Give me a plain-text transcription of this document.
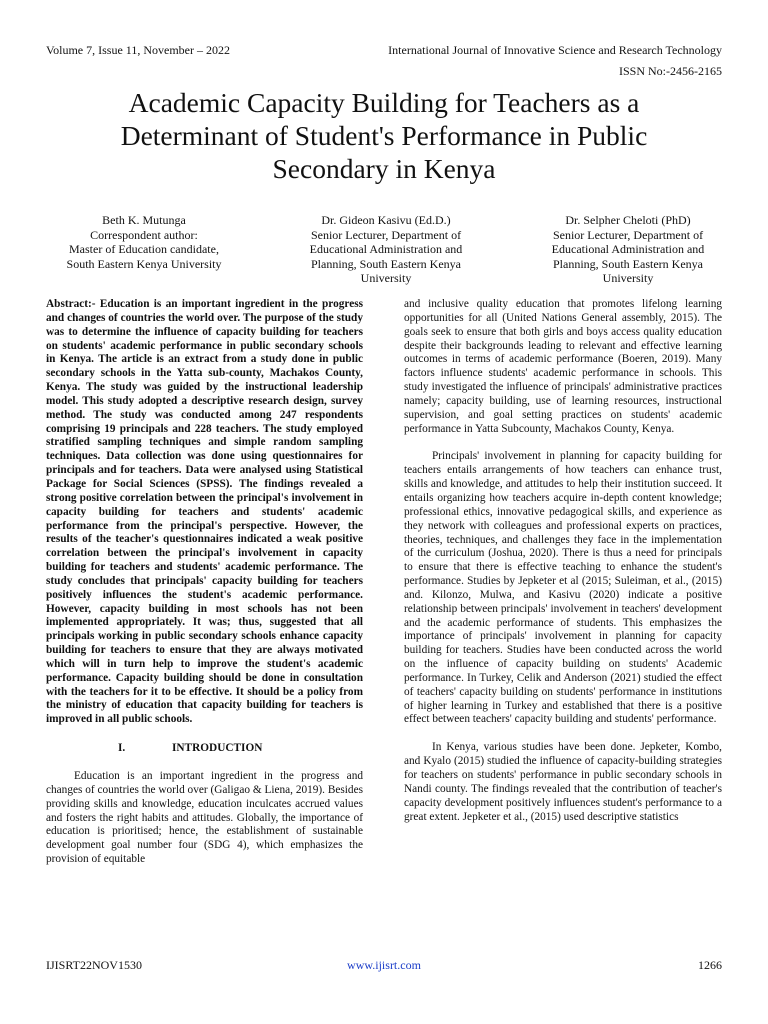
Volume 7, Issue 11, November – 2022	International Journal of Innovative Science and Research Technology
ISSN No:-2456-2165
Academic Capacity Building for Teachers as a Determinant of Student's Performance in Public Secondary in Kenya
Beth K. Mutunga
Correspondent author:
Master of Education candidate,
South Eastern Kenya University
Dr. Gideon Kasivu (Ed.D.)
Senior Lecturer, Department of
Educational Administration and
Planning, South Eastern Kenya
University
Dr. Selpher Cheloti (PhD)
Senior Lecturer, Department of
Educational Administration and
Planning, South Eastern Kenya
University

Abstract:- Education is an important ingredient in the progress and changes of countries the world over. The purpose of the study was to determine the influence of capacity building for teachers on students' academic performance in public secondary schools in Kenya. The article is an extract from a study done in public secondary schools in the Yatta sub-county, Machakos County, Kenya. The study was guided by the instructional leadership model. This study adopted a descriptive research design, survey method. The study was conducted among 247 respondents comprising 19 principals and 228 teachers. The study employed stratified sampling techniques and simple random sampling techniques. Data collection was done using questionnaires for principals and for teachers. Data were analysed using Statistical Package for Social Sciences (SPSS). The findings revealed a strong positive correlation between the principal's involvement in capacity building for teachers and students' academic performance from the principal's perspective. However, the results of the teacher's questionnaires indicated a weak positive correlation between the principal's involvement in capacity building for teachers and students' academic performance. The study concludes that principals' capacity building for teachers positively influences the student's academic performance. However, capacity building in most schools has not been implemented appropriately. It was; thus, suggested that all principals working in public secondary schools enhance capacity building for teachers to ensure that they are always motivated which will in turn help to improve the student's academic performance. Capacity building should be done in consultation with the teachers for it to be effective. It should be a policy from the ministry of education that capacity building for teachers is improved in all public schools.

I.	INTRODUCTION

Education is an important ingredient in the progress and changes of countries the world over (Galigao & Liena, 2019). Besides providing skills and knowledge, education inculcates accrued values and fosters the right habits and attitudes. Globally, the importance of education is prioritised; hence, the establishment of sustainable development goal number four (SDG 4), which emphasizes the provision of equitable

and inclusive quality education that promotes lifelong learning opportunities for all (United Nations General assembly, 2015). The goals seek to ensure that both girls and boys access quality education despite their backgrounds leading to relevant and effective learning outcomes in terms of academic performance (Boeren, 2019). Many factors influence students' academic performance in schools. This study investigated the influence of principals' administrative practices namely; capacity building, use of learning resources, instructional supervision, and goal setting practices on students' academic performance in Yatta Subcounty, Machakos County, Kenya.

Principals' involvement in planning for capacity building for teachers entails arrangements of how teachers can enhance trust, skills and knowledge, and attitudes to help their institution succeed. It entails organizing how teachers acquire in-depth content knowledge; professional ethics, innovative pedagogical skills, and experience as they network with colleagues and professional experts on practices, theories, techniques, and challenges they face in the implementation of the curriculum (Joshua, 2020). There is thus a need for principals to ensure that there is effective teaching to enhance the student's performance. Studies by Jepketer et al (2015; Suleiman, et al., (2015) and. Kilonzo, Mulwa, and Kasivu (2020) indicate a positive relationship between principals' involvement in teachers' development and the academic performance of students. This emphasizes the importance of principals' involvement in planning for capacity building for teachers. Studies have been conducted across the world on the influence of capacity building on students' Academic performance. In Turkey, Celik and Anderson (2021) studied the effect of teachers' capacity building on students' performance in institutions of higher learning in Turkey and established that there is a positive effect between teachers' capacity building and students' performance.

In Kenya, various studies have been done. Jepketer, Kombo, and Kyalo (2015) studied the influence of capacity-building strategies for teachers on students' performance in public secondary schools in Nandi county. The findings revealed that the contribution of teacher's capacity development positively influences student's performance to a great extent. Jepketer et al., (2015) used descriptive statistics

IJISRT22NOV1530	www.ijisrt.com	1266
